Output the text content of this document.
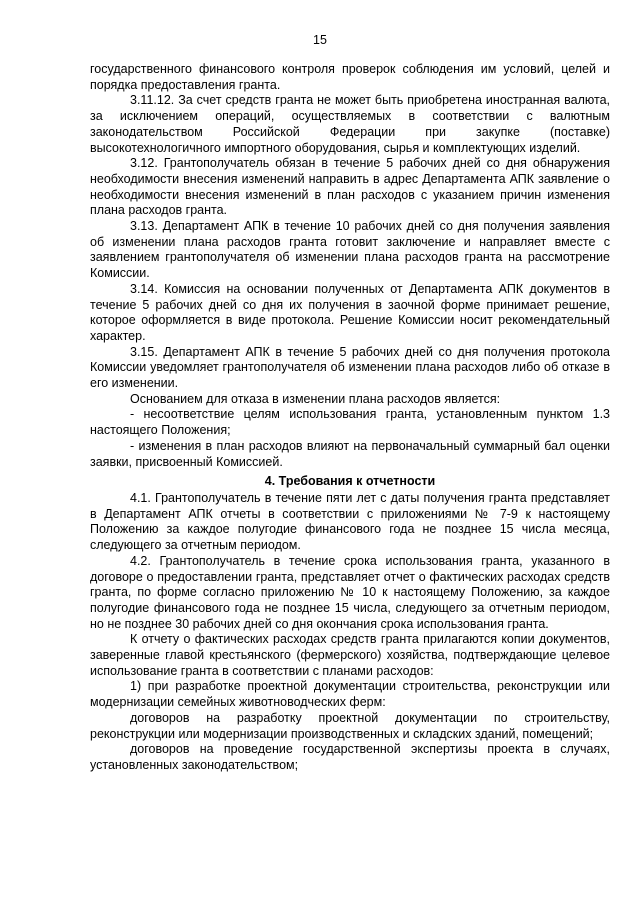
15

государственного финансового контроля проверок соблюдения им условий, целей и порядка предоставления гранта.

3.11.12. За счет средств гранта не может быть приобретена иностранная валюта, за исключением операций, осуществляемых в соответствии с валютным законодательством Российской Федерации при закупке (поставке) высокотехнологичного импортного оборудования, сырья и комплектующих изделий.

3.12. Грантополучатель обязан в течение 5 рабочих дней со дня обнаружения необходимости внесения изменений направить в адрес Департамента АПК заявление о необходимости внесения изменений в план расходов с указанием причин изменения плана расходов гранта.

3.13. Департамент АПК в течение 10 рабочих дней со дня получения заявления об изменении плана расходов гранта готовит заключение и направляет вместе с заявлением грантополучателя об изменении плана расходов гранта на рассмотрение Комиссии.

3.14. Комиссия на основании полученных от Департамента АПК документов в течение 5 рабочих дней со дня их получения в заочной форме принимает решение, которое оформляется в виде протокола. Решение Комиссии носит рекомендательный характер.

3.15. Департамент АПК в течение 5 рабочих дней со дня получения протокола Комиссии уведомляет грантополучателя об изменении плана расходов либо об отказе в его изменении.

Основанием для отказа в изменении плана расходов является:

- несоответствие целям использования гранта, установленным пунктом 1.3 настоящего Положения;

- изменения в план расходов влияют на первоначальный суммарный бал оценки заявки, присвоенный Комиссией.

4. Требования к отчетности

4.1. Грантополучатель в течение пяти лет с даты получения гранта представляет в Департамент АПК отчеты в соответствии с приложениями № 7-9 к настоящему Положению за каждое полугодие финансового года не позднее 15 числа месяца, следующего за отчетным периодом.

4.2. Грантополучатель в течение срока использования гранта, указанного в договоре о предоставлении гранта, представляет отчет о фактических расходах средств гранта, по форме согласно приложению № 10 к настоящему Положению, за каждое полугодие финансового года не позднее 15 числа, следующего за отчетным периодом, но не позднее 30 рабочих дней со дня окончания срока использования гранта.

К отчету о фактических расходах средств гранта прилагаются копии документов, заверенные главой крестьянского (фермерского) хозяйства, подтверждающие целевое использование гранта в соответствии с планами расходов:

1) при разработке проектной документации строительства, реконструкции или модернизации семейных животноводческих ферм:

договоров на разработку проектной документации по строительству, реконструкции или модернизации производственных и складских зданий, помещений;

договоров на проведение государственной экспертизы проекта в случаях, установленных законодательством;
